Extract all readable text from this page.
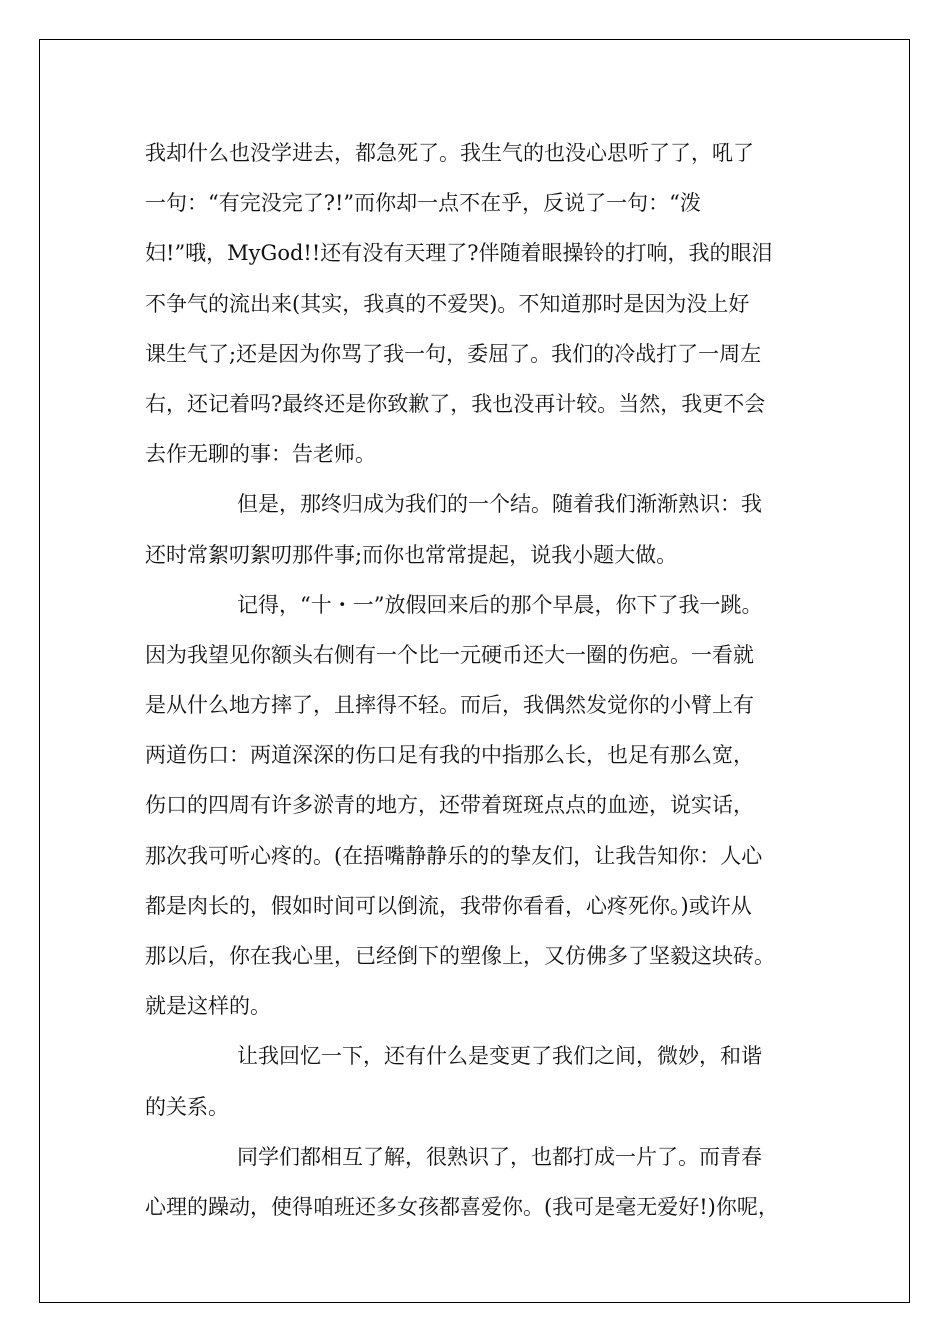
我却什么也没学进去，都急死了。我生气的也没心思听了了，吼了
一句：“有完没完了?!”而你却一点不在乎，反说了一句：“泼
妇!”哦，MyGod!!还有没有天理了?伴随着眼操铃的打响，我的眼泪
不争气的流出来(其实，我真的不爱哭)。不知道那时是因为没上好
课生气了;还是因为你骂了我一句，委屈了。我们的冷战打了一周左
右，还记着吗?最终还是你致歉了，我也没再计较。当然，我更不会
去作无聊的事：告老师。
但是，那终归成为我们的一个结。随着我们渐渐熟识：我
还时常絮叨絮叨那件事;而你也常常提起，说我小题大做。
记得，“十・一”放假回来后的那个早晨，你下了我一跳。
因为我望见你额头右侧有一个比一元硬币还大一圈的伤疤。一看就
是从什么地方摔了，且摔得不轻。而后，我偶然发觉你的小臂上有
两道伤口：两道深深的伤口足有我的中指那么长，也足有那么宽，
伤口的四周有许多淤青的地方，还带着斑斑点点的血迹，说实话，
那次我可听心疼的。(在捂嘴静静乐的的挚友们，让我告知你：人心
都是肉长的，假如时间可以倒流，我带你看看，心疼死你。)或许从
那以后，你在我心里，已经倒下的塑像上，又仿佛多了坚毅这块砖。
就是这样的。
让我回忆一下，还有什么是变更了我们之间，微妙，和谐
的关系。
同学们都相互了解，很熟识了，也都打成一片了。而青春
心理的躁动，使得咱班还多女孩都喜爱你。(我可是毫无爱好!)你呢，
